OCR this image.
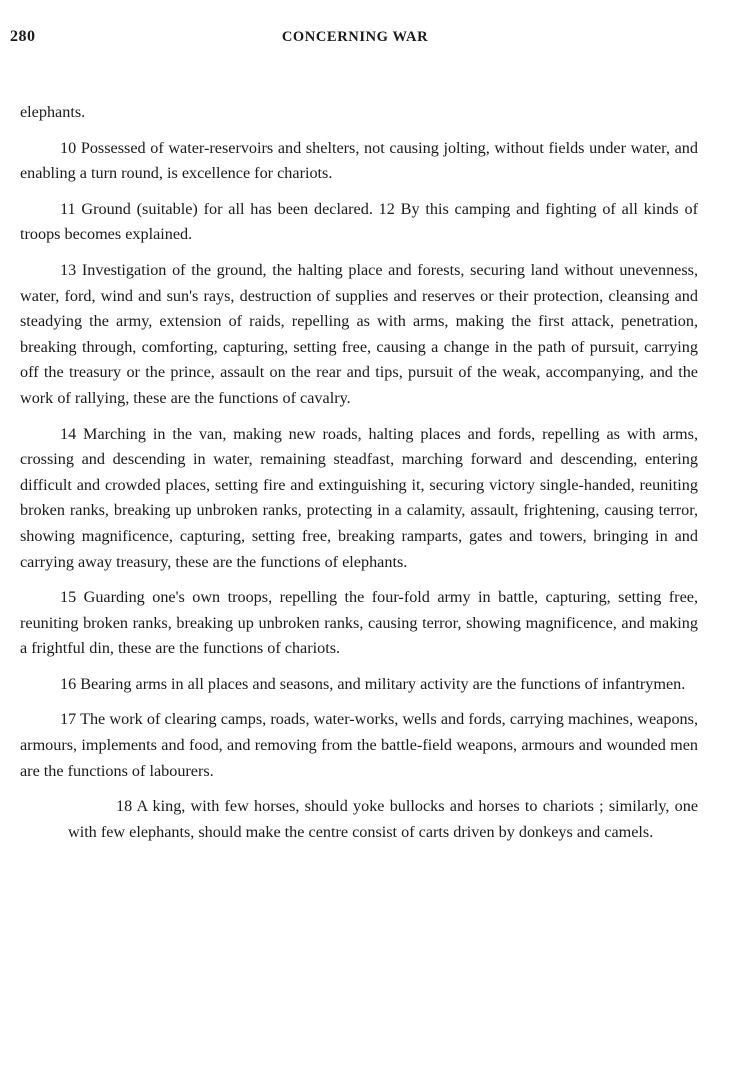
280	CONCERNING WAR

elephants.

10 Possessed of water-reservoirs and shelters, not causing jolting, without fields under water, and enabling a turn round, is excellence for chariots.

11 Ground (suitable) for all has been declared. 12 By this camping and fighting of all kinds of troops becomes explained.

13 Investigation of the ground, the halting place and forests, securing land without unevenness, water, ford, wind and sun's rays, destruction of supplies and reserves or their protection, cleansing and steadying the army, extension of raids, repelling as with arms, making the first attack, penetration, breaking through, comforting, capturing, setting free, causing a change in the path of pursuit, carrying off the treasury or the prince, assault on the rear and tips, pursuit of the weak, accompanying, and the work of rallying, these are the functions of cavalry.

14 Marching in the van, making new roads, halting places and fords, repelling as with arms, crossing and descending in water, remaining steadfast, marching forward and descending, entering difficult and crowded places, setting fire and extinguishing it, securing victory single-handed, reuniting broken ranks, breaking up unbroken ranks, protecting in a calamity, assault, frightening, causing terror, showing magnificence, capturing, setting free, breaking ramparts, gates and towers, bringing in and carrying away treasury, these are the functions of elephants.

15 Guarding one's own troops, repelling the four-fold army in battle, capturing, setting free, reuniting broken ranks, breaking up unbroken ranks, causing terror, showing magnificence, and making a frightful din, these are the functions of chariots.

16 Bearing arms in all places and seasons, and military activity are the functions of infantrymen.

17 The work of clearing camps, roads, water-works, wells and fords, carrying machines, weapons, armours, implements and food, and removing from the battle-field weapons, armours and wounded men are the functions of labourers.

18 A king, with few horses, should yoke bullocks and horses to chariots ; similarly, one with few elephants, should make the centre consist of carts driven by donkeys and camels.
